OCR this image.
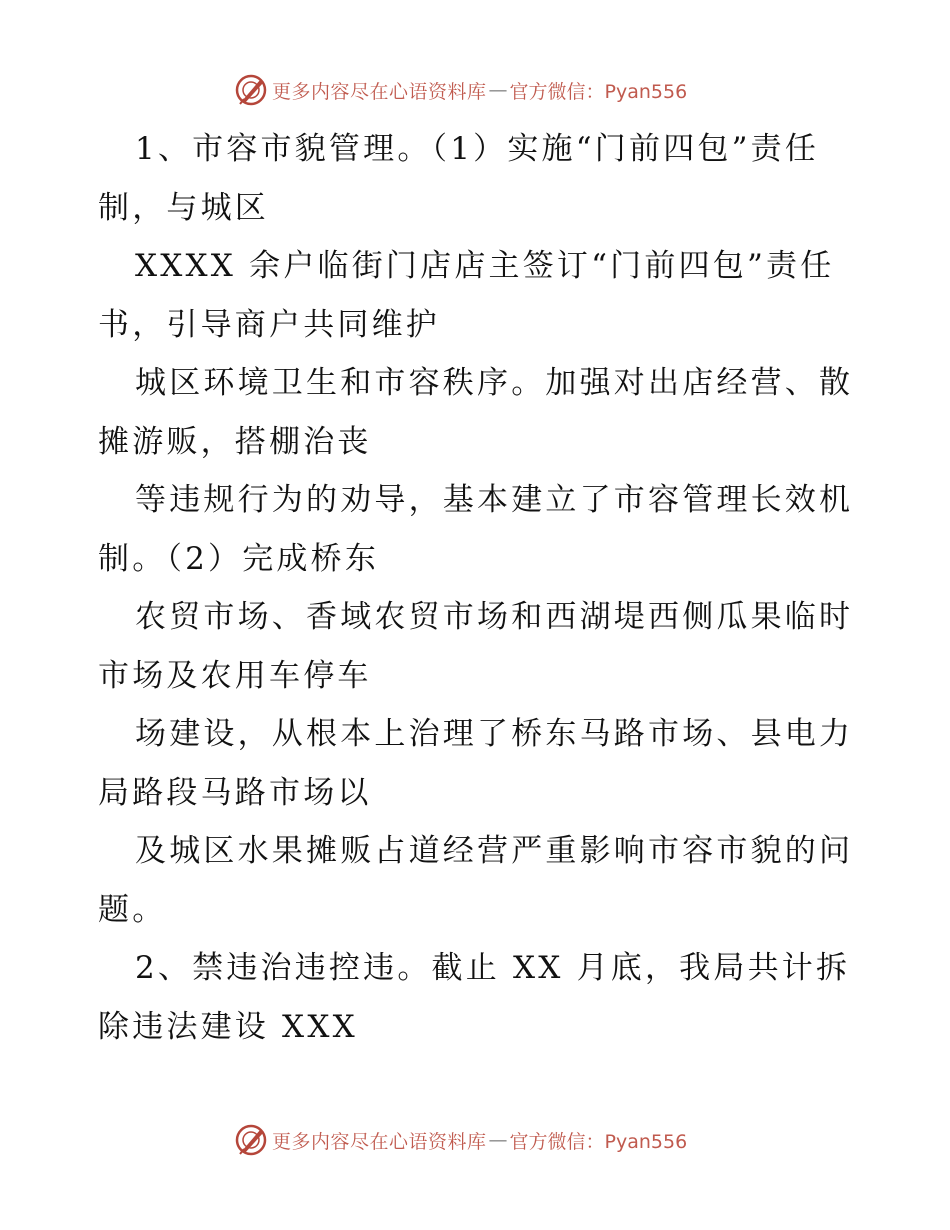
更多内容尽在心语资料库 — 官方微信：Pyan556
1、市容市貌管理。（1）实施“门前四包”责任
制，与城区
XXXX 余户临街门店店主签订“门前四包”责任
书，引导商户共同维护
城区环境卫生和市容秩序。加强对出店经营、散
摊游贩，搭棚治丧
等违规行为的劝导，基本建立了市容管理长效机
制。（2）完成桥东
农贸市场、香域农贸市场和西湖堤西侧瓜果临时
市场及农用车停车
场建设，从根本上治理了桥东马路市场、县电力
局路段马路市场以
及城区水果摊贩占道经营严重影响市容市貌的问
题。
2、禁违治违控违。截止 XX 月底，我局共计拆
除违法建设 XXX
更多内容尽在心语资料库 — 官方微信：Pyan556
